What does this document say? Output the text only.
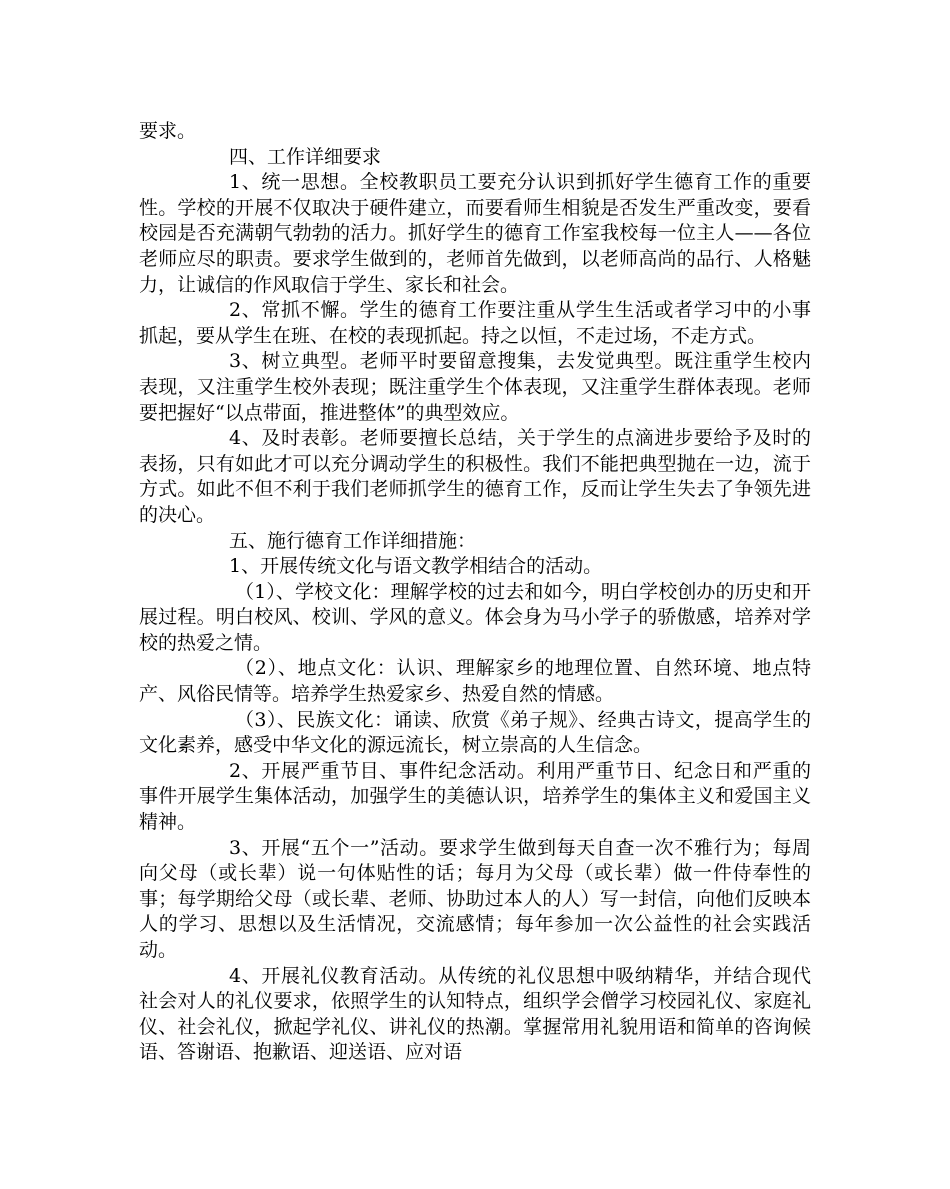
要求。

四、工作详细要求

1、统一思想。全校教职员工要充分认识到抓好学生德育工作的重要性。学校的开展不仅取决于硬件建立，而要看师生相貌是否发生严重改变，要看校园是否充满朝气勃勃的活力。抓好学生的德育工作室我校每一位主人——各位老师应尽的职责。要求学生做到的，老师首先做到，以老师高尚的品行、人格魅力，让诚信的作风取信于学生、家长和社会。

2、常抓不懈。学生的德育工作要注重从学生生活或者学习中的小事抓起，要从学生在班、在校的表现抓起。持之以恒，不走过场，不走方式。

3、树立典型。老师平时要留意搜集，去发觉典型。既注重学生校内表现，又注重学生校外表现；既注重学生个体表现，又注重学生群体表现。老师要把握好“以点带面，推进整体”的典型效应。

4、及时表彰。老师要擅长总结，关于学生的点滴进步要给予及时的表扬，只有如此才可以充分调动学生的积极性。我们不能把典型抛在一边，流于方式。如此不但不利于我们老师抓学生的德育工作，反而让学生失去了争领先进的决心。

五、施行德育工作详细措施：

1、开展传统文化与语文教学相结合的活动。

（1）、学校文化：理解学校的过去和如今，明白学校创办的历史和开展过程。明白校风、校训、学风的意义。体会身为马小学子的骄傲感，培养对学校的热爱之情。

（2）、地点文化：认识、理解家乡的地理位置、自然环境、地点特产、风俗民情等。培养学生热爱家乡、热爱自然的情感。

（3）、民族文化：诵读、欣赏《弟子规》、经典古诗文，提高学生的文化素养，感受中华文化的源远流长，树立崇高的人生信念。

2、开展严重节目、事件纪念活动。利用严重节日、纪念日和严重的事件开展学生集体活动，加强学生的美德认识，培养学生的集体主义和爱国主义精神。

3、开展“五个一”活动。要求学生做到每天自查一次不雅行为；每周向父母（或长辈）说一句体贴性的话；每月为父母（或长辈）做一件侍奉性的事；每学期给父母（或长辈、老师、协助过本人的人）写一封信，向他们反映本人的学习、思想以及生活情况，交流感情；每年参加一次公益性的社会实践活动。

4、开展礼仪教育活动。从传统的礼仪思想中吸纳精华，并结合现代社会对人的礼仪要求，依照学生的认知特点，组织学会僧学习校园礼仪、家庭礼仪、社会礼仪，掀起学礼仪、讲礼仪的热潮。掌握常用礼貌用语和简单的咨询候语、答谢语、抱歉语、迎送语、应对语
